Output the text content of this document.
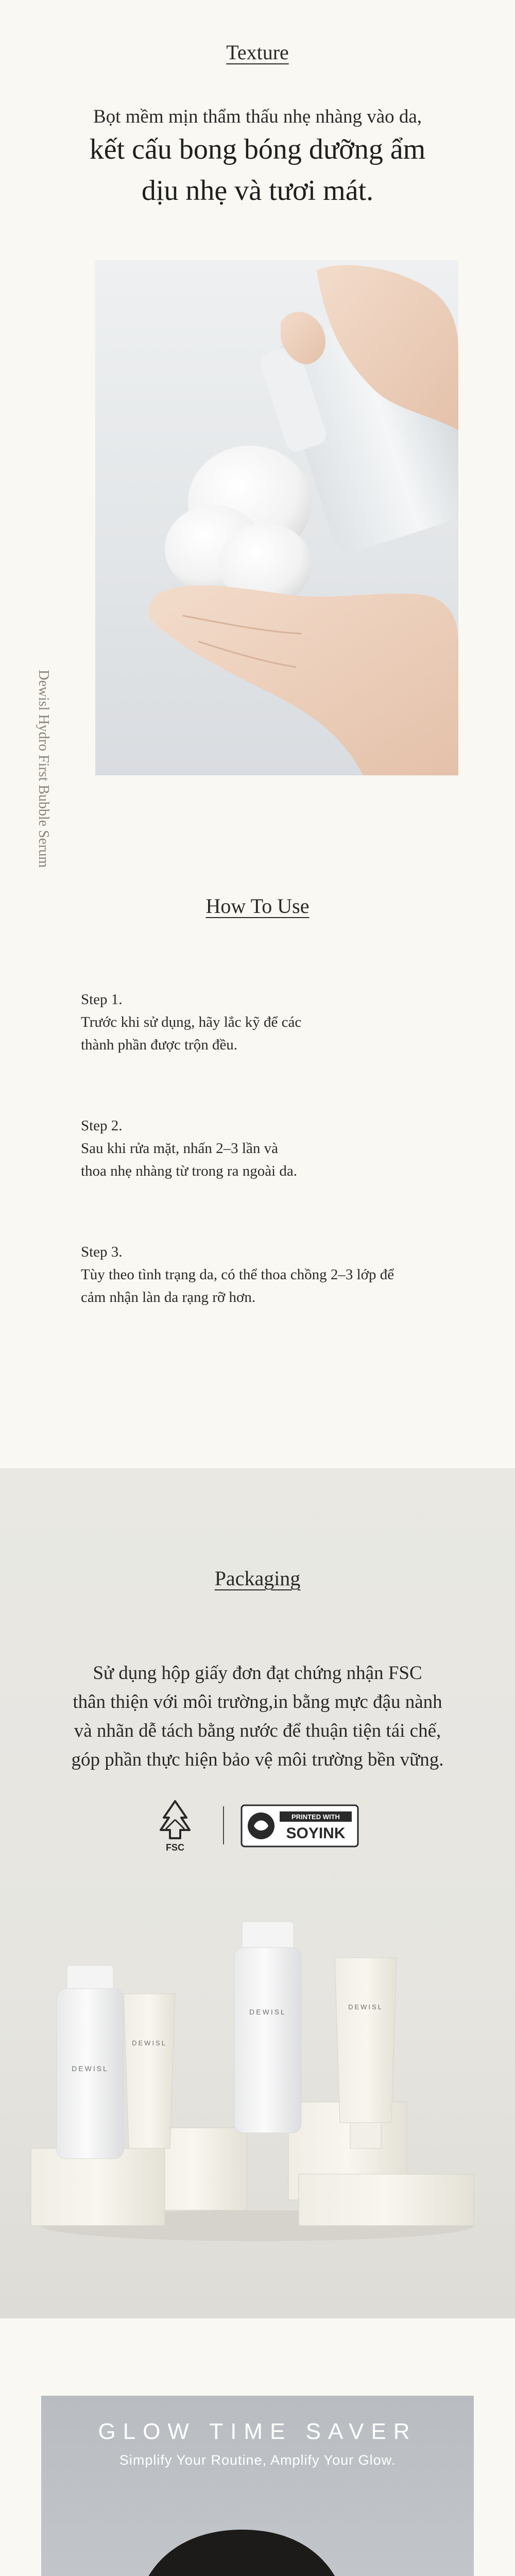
Texture
Bọt mềm mịn thẩm thấu nhẹ nhàng vào da,
kết cấu bong bóng dưỡng ẩm
dịu nhẹ và tươi mát.
Dewisl Hydro First Bubble Serum
How To Use
Step 1.
Trước khi sử dụng, hãy lắc kỹ để các
thành phần được trộn đều.
Step 2.
Sau khi rửa mặt, nhấn 2–3 lần và
thoa nhẹ nhàng từ trong ra ngoài da.
Step 3.
Tùy theo tình trạng da, có thể thoa chồng 2–3 lớp để
cảm nhận làn da rạng rỡ hơn.
Packaging
Sử dụng hộp giấy đơn đạt chứng nhận FSC
thân thiện với môi trường,in bằng mực đậu nành
và nhãn dễ tách bằng nước để thuận tiện tái chế,
góp phần thực hiện bảo vệ môi trường bền vững.
FSC
PRINTED WITH
SOYINK
DEWISL
DEWISL
DEWISL
DEWISL
GLOW TIME SAVER
Simplify Your Routine, Amplify Your Glow.
